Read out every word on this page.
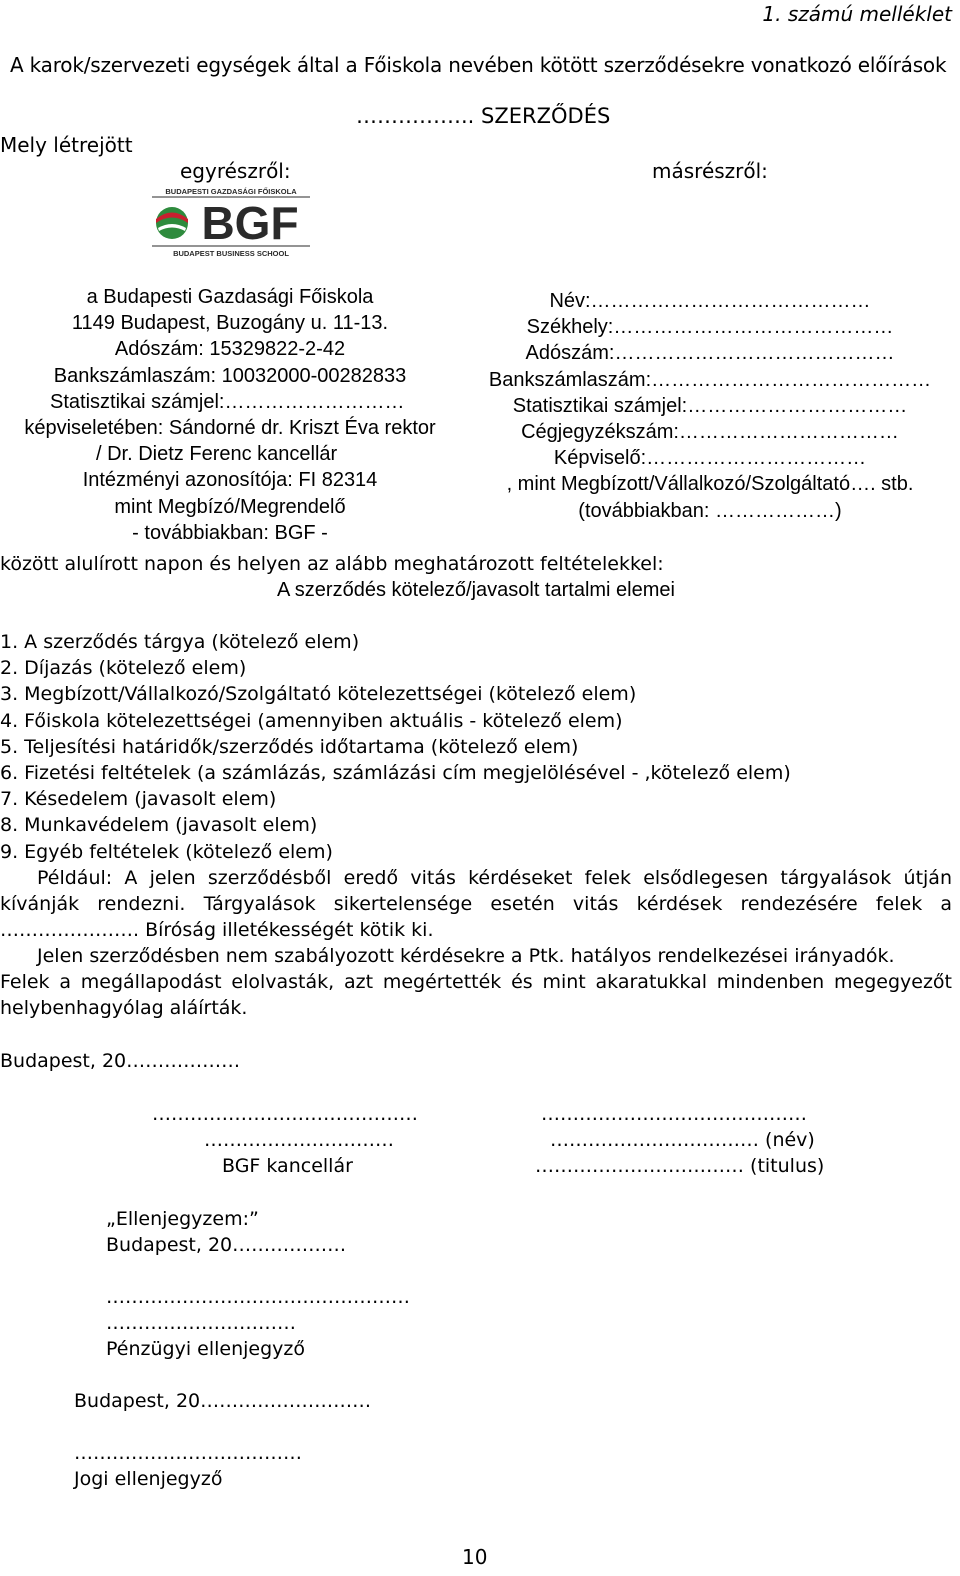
1. számú melléklet
A karok/szervezeti egységek által a Főiskola nevében kötött szerződésekre vonatkozó előírások
…………….. SZERZŐDÉS
Mely létrejött
egyrészről:	másrészről:
BUDAPESTI GAZDASÁGI FŐISKOLA
BGF
BUDAPEST BUSINESS SCHOOL
a Budapesti Gazdasági Főiskola
1149 Budapest, Buzogány u. 11-13.
Adószám: 15329822-2-42
Bankszámlaszám: 10032000-00282833
Statisztikai számjel:………………………
képviseletében: Sándorné dr. Kriszt Éva rektor
/ Dr. Dietz Ferenc kancellár
Intézményi azonosítója: FI 82314
mint Megbízó/Megrendelő
- továbbiakban: BGF -
Név:……………………………………
Székhely:……………………………………
Adószám:……………………………………
Bankszámlaszám:……………………………………
Statisztikai számjel:……………………………
Cégjegyzékszám:……………………………
Képviselő:……………………………
, mint Megbízott/Vállalkozó/Szolgáltató…. stb.
(továbbiakban: ………………)
között alulírott napon és helyen az alább meghatározott feltételekkel:
A szerződés kötelező/javasolt tartalmi elemei
1. A szerződés tárgya (kötelező elem)
2. Díjazás (kötelező elem)
3. Megbízott/Vállalkozó/Szolgáltató kötelezettségei (kötelező elem)
4. Főiskola kötelezettségei (amennyiben aktuális - kötelező elem)
5. Teljesítési határidők/szerződés időtartama (kötelező elem)
6. Fizetési feltételek (a számlázás, számlázási cím megjelölésével - ,kötelező elem)
7. Késedelem (javasolt elem)
8. Munkavédelem (javasolt elem)
9. Egyéb feltételek (kötelező elem)
Például: A jelen szerződésből eredő vitás kérdéseket felek elsődlegesen tárgyalások útján kívánják rendezni. Tárgyalások sikertelensége esetén vitás kérdések rendezésére felek a …………………. Bíróság illetékességét kötik ki.
Jelen szerződésben nem szabályozott kérdésekre a Ptk. hatályos rendelkezései irányadók.
Felek a megállapodást elolvasták, azt megértették és mint akaratukkal mindenben megegyezőt helybenhagyólag aláírták.
Budapest, 20………………
……………………………………
…………………………
BGF kancellár
……………………………………
…………………………… (név)
…………………………… (titulus)
„Ellenjegyzem:”
Budapest, 20………………
…………………………………………
…………………………
Pénzügyi ellenjegyző
Budapest, 20………………………
………………………………
Jogi ellenjegyző
10
